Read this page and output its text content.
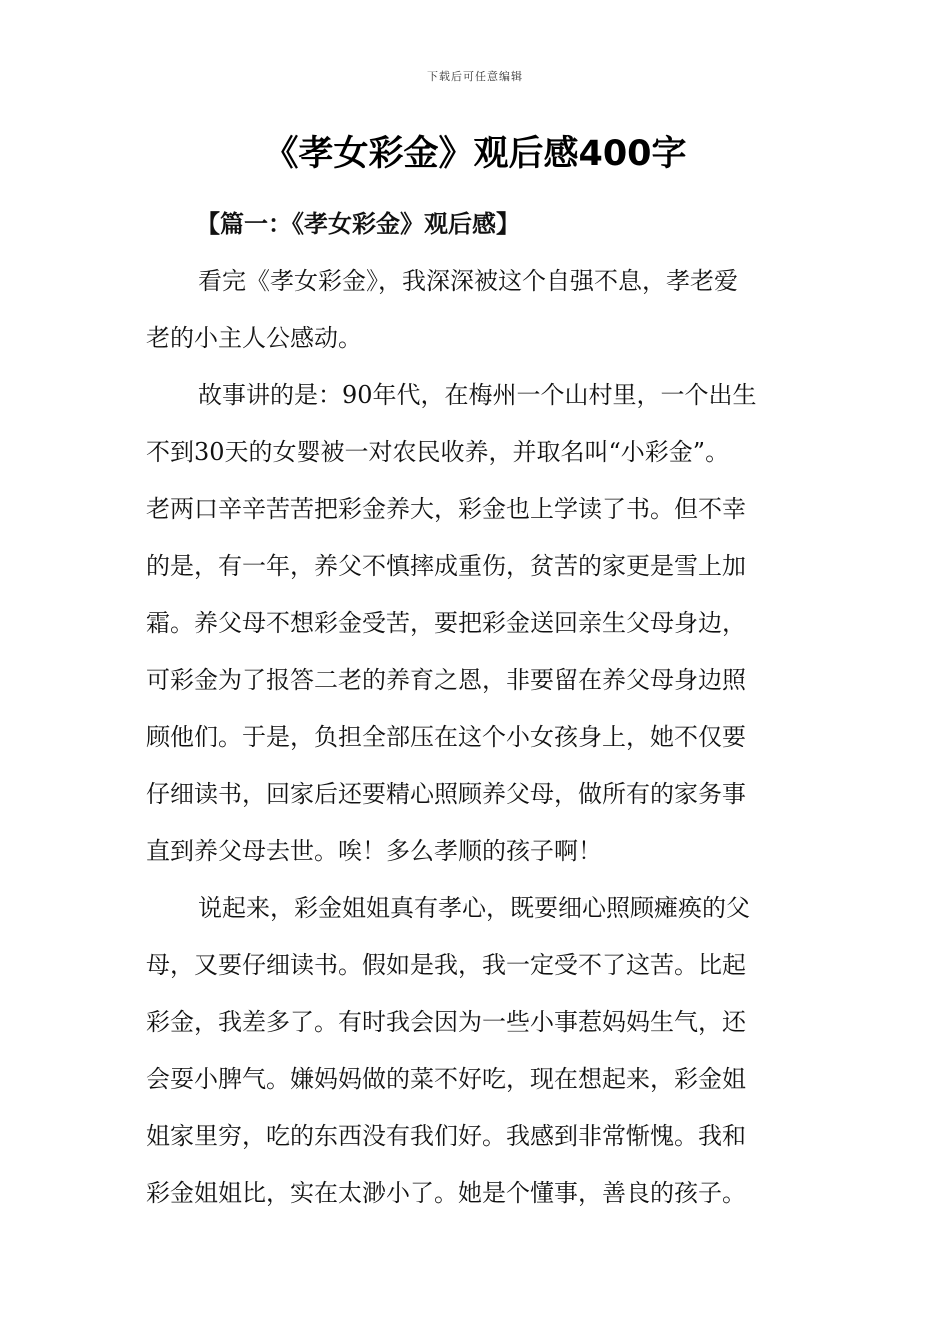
下载后可任意编辑
《孝女彩金》观后感400字
【篇一：《孝女彩金》观后感】

看完《孝女彩金》，我深深被这个自强不息，孝老爱
老的小主人公感动。

故事讲的是：90年代，在梅州一个山村里，一个出生
不到30天的女婴被一对农民收养，并取名叫“小彩金”。
老两口辛辛苦苦把彩金养大，彩金也上学读了书。但不幸
的是，有一年，养父不慎摔成重伤，贫苦的家更是雪上加
霜。养父母不想彩金受苦，要把彩金送回亲生父母身边，
可彩金为了报答二老的养育之恩，非要留在养父母身边照
顾他们。于是，负担全部压在这个小女孩身上，她不仅要
仔细读书，回家后还要精心照顾养父母，做所有的家务事
直到养父母去世。唉！多么孝顺的孩子啊！

说起来，彩金姐姐真有孝心，既要细心照顾瘫痪的父
母，又要仔细读书。假如是我，我一定受不了这苦。比起
彩金，我差多了。有时我会因为一些小事惹妈妈生气，还
会耍小脾气。嫌妈妈做的菜不好吃，现在想起来，彩金姐
姐家里穷，吃的东西没有我们好。我感到非常惭愧。我和
彩金姐姐比，实在太渺小了。她是个懂事，善良的孩子。
